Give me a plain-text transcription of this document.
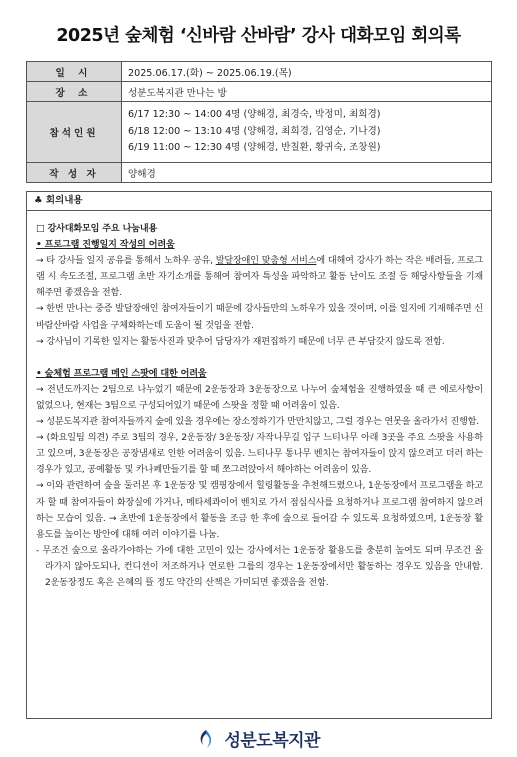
2025년 숲체험 ‘신바람 산바람’ 강사 대화모임 회의록
일 시	2025.06.17.(화) ~ 2025.06.19.(목)
장 소	성분도복지관 만나는 방
참석인원	6/17 12:30 ~ 14:00 4명 (양해경, 최경숙, 박정미, 최희경)
6/18 12:00 ~ 13:10 4명 (양해경, 최희경, 김영순, 기나경)
6/19 11:00 ~ 12:30 4명 (양해경, 반칠환, 황귀숙, 조창원)

작 성 자	양해경
♣ 회의내용
□ 강사대화모임 주요 나눔내용
• 프로그램 진행일지 작성의 어려움
→ 타 강사들 일지 공유를 통해서 노하우 공유, 발달장애인 맞춤형 서비스에 대해여 강사가 하는 작은 배려들, 프로그램 시 속도조절, 프로그램 초반 자기소개를 통해여 참여자 특성을 파악하고 활동 난이도 조절 등 해당사항들을 기재해주면 좋겠음을 전함.
→ 한번 만나는 중증 발달장애인 참여자들이기 때문에 강사들만의 노하우가 있을 것이며, 이를 일지에 기재해주면 신바람산바람 사업을 구체화하는데 도움이 될 것임을 전함.
→ 강사님이 기록한 일지는 활동사진과 맞추어 담당자가 재편집하기 때문에 너무 큰 부담갖지 않도록 전함.
• 숲체험 프로그램 메인 스팟에 대한 어려움
→ 전년도까지는 2팀으로 나누었기 때문에 2운동장과 3운동장으로 나누어 숲체험을 진행하였을 때 큰 에로사항이 없었으나, 현재는 3팀으로 구성되어있기 때문에 스팟을 정할 때 어려움이 있음.
→ 성분도복지관 참여자들까지 숲에 있을 경우에는 장소정하기가 만만치않고, 그럴 경우는 연못을 올라가서 진행함.
→ (화요일팀 의견) 주로 3팀의 경우, 2운동장/ 3운동장/ 자작나무길 입구 느티나무 아래 3곳을 주요 스팟을 사용하고 있으며, 3운동장은 공장냄새로 인한 어려움이 있음. 느티나무 통나무 벤치는 참여자들이 앉지 않으려고 더러 하는 경우가 있고, 공예활동 및 카나페만들기를 할 때 쪼그려앉아서 해야하는 어려움이 있음.
→ 이와 관련하여 숲을 둘러본 후 1운동장 및 캠핑장에서 힐링활동을 추천해드렸으나, 1운동장에서 프로그램을 하고자 할 때 참여자들이 화장실에 가거나, 메타세콰이어 벤치로 가서 점심식사를 요청하거나 프로그램 참여하지 않으려 하는 모습이 있음. → 초반에 1운동장에서 활동을 조금 한 후에 숲으로 들어갈 수 있도록 요청하였으며, 1운동장 활용도를 높이는 방안에 대해 여러 이야기를 나눔.
- 무조건 숲으로 올라가야하는 가에 대한 고민이 있는 강사에서는 1운동장 활용도를 충분히 높여도 되며 무조건 올라가지 않아도되나, 컨디션이 저조하거나 연로한 그룹의 경우는 1운동장에서만 활동하는 경우도 있음을 안내함. 2운동장정도 혹은 은혜의 뜰 정도 약간의 산책은 가미되면 좋겠음을 전함.
성분도복지관
